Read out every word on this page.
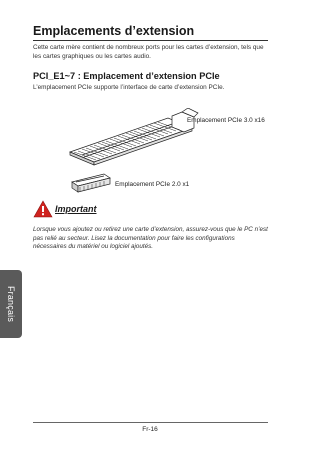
Français
Emplacements d’extension
Cette carte mère contient de nombreux ports pour les cartes d’extension, tels que les cartes graphiques ou les cartes audio.
PCI_E1~7 : Emplacement d’extension PCIe
L’emplacement PCIe supporte l’interface de carte d’extension PCIe.
Emplacement PCIe 3.0 x16
Emplacement PCIe 2.0 x1
Important
Lorsque vous ajoutez ou retirez une carte d’extension, assurez-vous que le PC n’est pas relié au secteur. Lisez la documentation pour faire les configurations nécessaires du matériel ou logiciel ajoutés.
Fr-16
